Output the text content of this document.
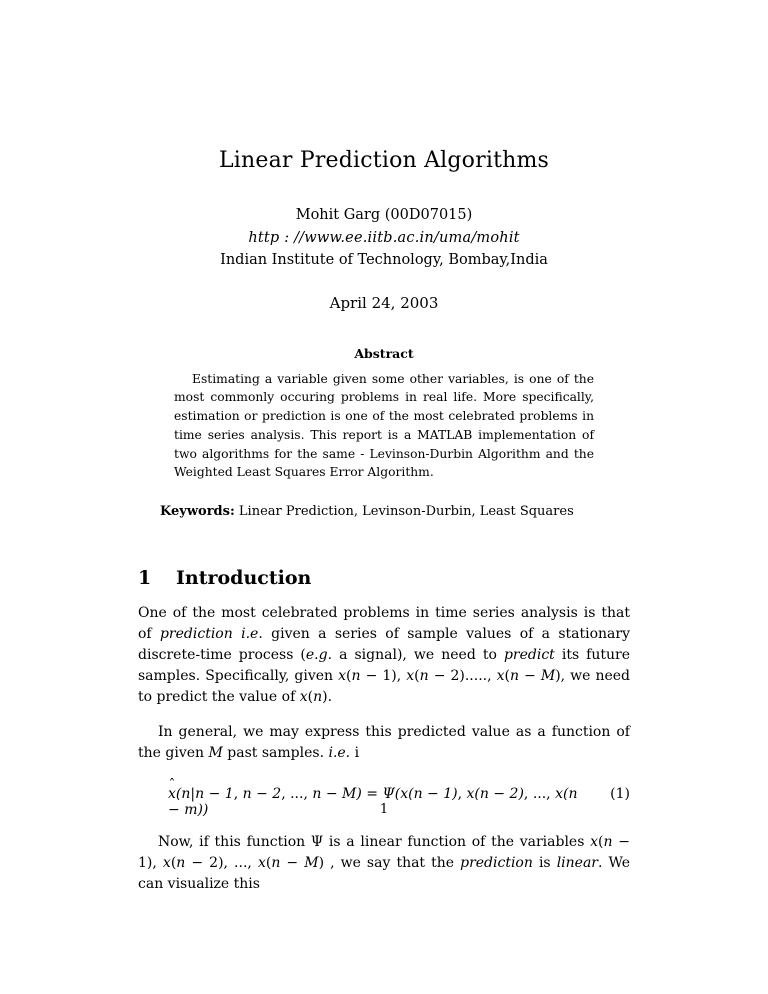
Linear Prediction Algorithms
Mohit Garg (00D07015)
http : //www.ee.iitb.ac.in/uma/mohit
Indian Institute of Technology, Bombay,India
April 24, 2003
Abstract
Estimating a variable given some other variables, is one of the most commonly occuring problems in real life. More specifically, estimation or prediction is one of the most celebrated problems in time series analysis. This report is a MATLAB implementation of two algorithms for the same - Levinson-Durbin Algorithm and the Weighted Least Squares Error Algorithm.
Keywords: Linear Prediction, Levinson-Durbin, Least Squares
1 Introduction
One of the most celebrated problems in time series analysis is that of prediction i.e. given a series of sample values of a stationary discrete-time process (e.g. a signal), we need to predict its future samples. Specifically, given x(n − 1), x(n − 2)....., x(n − M), we need to predict the value of x(n).
In general, we may express this predicted value as a function of the given M past samples. i.e. i
ˆ x(n|n − 1, n − 2, ..., n − M) = Ψ(x(n − 1), x(n − 2), ..., x(n − m))
(1)
Now, if this function Ψ is a linear function of the variables x(n − 1), x(n − 2), ..., x(n − M) , we say that the prediction is linear. We can visualize this
1
